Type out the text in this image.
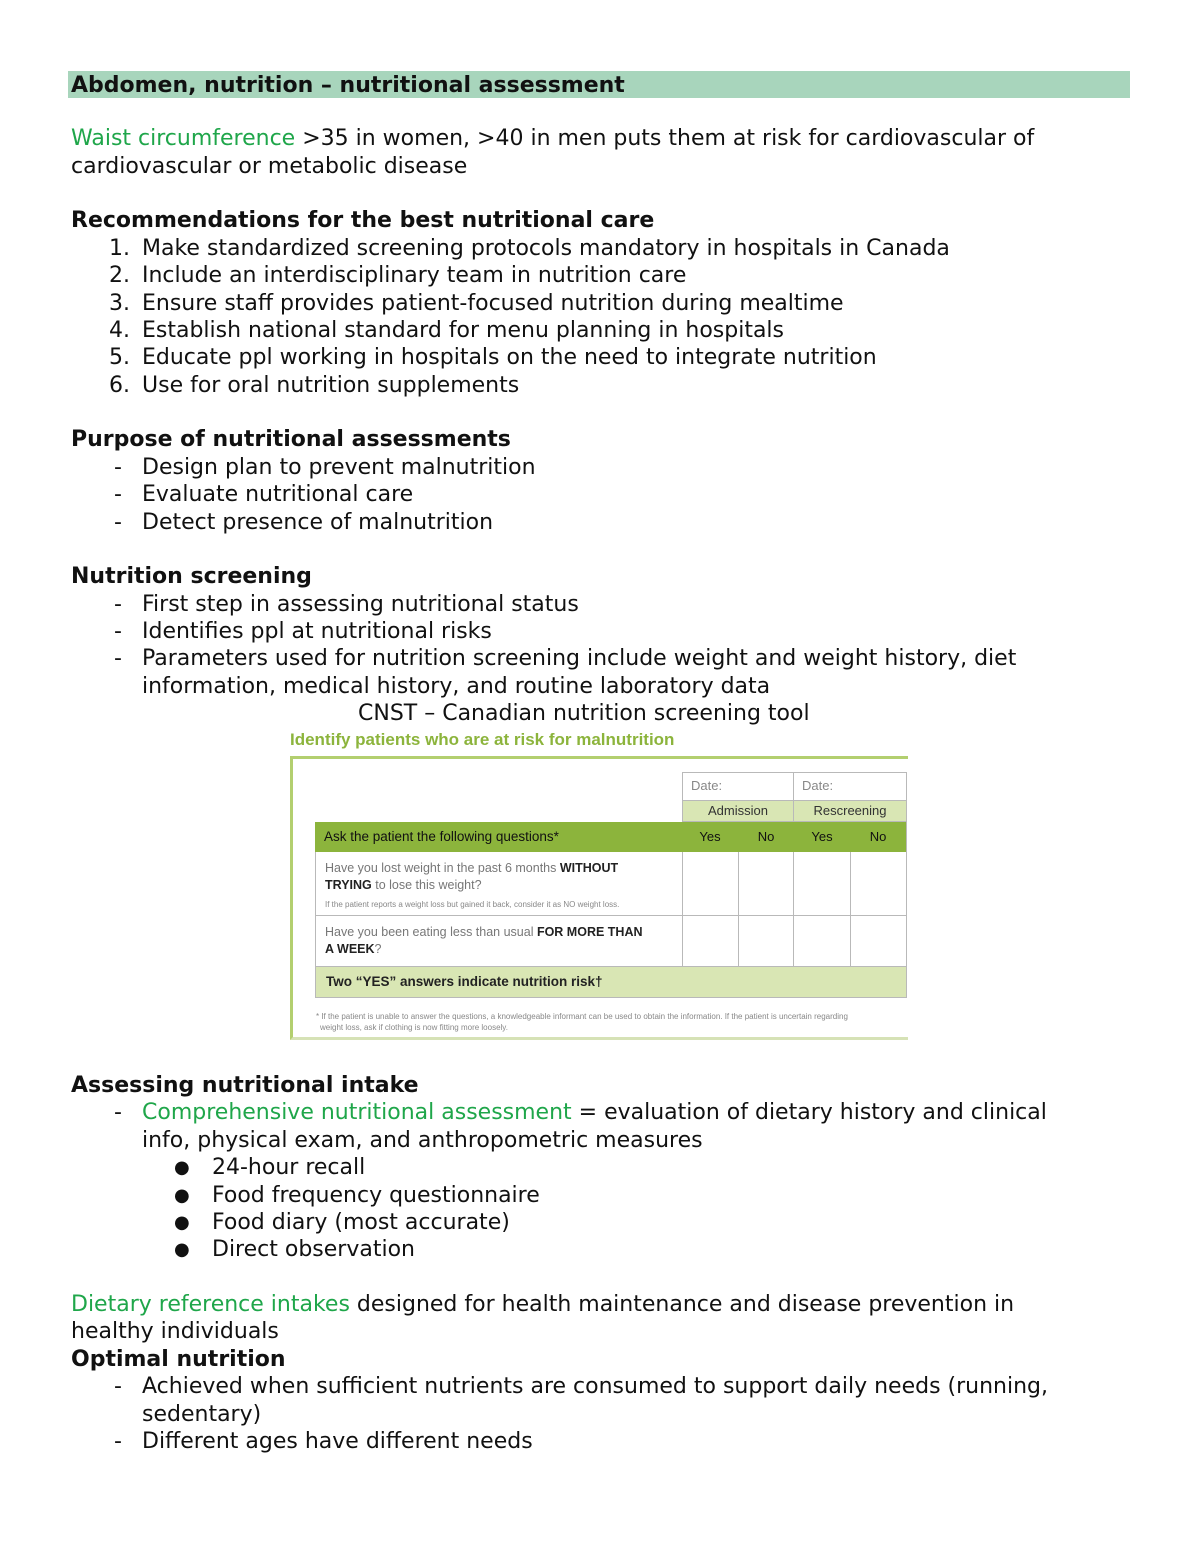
Abdomen, nutrition – nutritional assessment
Waist circumference >35 in women, >40 in men puts them at risk for cardiovascular of
cardiovascular or metabolic disease
Recommendations for the best nutritional care
1. Make standardized screening protocols mandatory in hospitals in Canada
2. Include an interdisciplinary team in nutrition care
3. Ensure staff provides patient-focused nutrition during mealtime
4. Establish national standard for menu planning in hospitals
5. Educate ppl working in hospitals on the need to integrate nutrition
6. Use for oral nutrition supplements
Purpose of nutritional assessments
- Design plan to prevent malnutrition
- Evaluate nutritional care
- Detect presence of malnutrition
Nutrition screening
- First step in assessing nutritional status
- Identifies ppl at nutritional risks
- Parameters used for nutrition screening include weight and weight history, diet
information, medical history, and routine laboratory data
CNST – Canadian nutrition screening tool
Identify patients who are at risk for malnutrition
Date:	Date:
Admission	Rescreening
Ask the patient the following questions*	Yes	No	Yes	No
Have you lost weight in the past 6 months WITHOUT
TRYING to lose this weight?
If the patient reports a weight loss but gained it back, consider it as NO weight loss.
Have you been eating less than usual FOR MORE THAN
A WEEK?
Two “YES” answers indicate nutrition risk†
* If the patient is unable to answer the questions, a knowledgeable informant can be used to obtain the information. If the patient is uncertain regarding
weight loss, ask if clothing is now fitting more loosely.
Assessing nutritional intake
- Comprehensive nutritional assessment = evaluation of dietary history and clinical
info, physical exam, and anthropometric measures
● 24-hour recall
● Food frequency questionnaire
● Food diary (most accurate)
● Direct observation
Dietary reference intakes designed for health maintenance and disease prevention in
healthy individuals
Optimal nutrition
- Achieved when sufficient nutrients are consumed to support daily needs (running,
sedentary)
- Different ages have different needs
